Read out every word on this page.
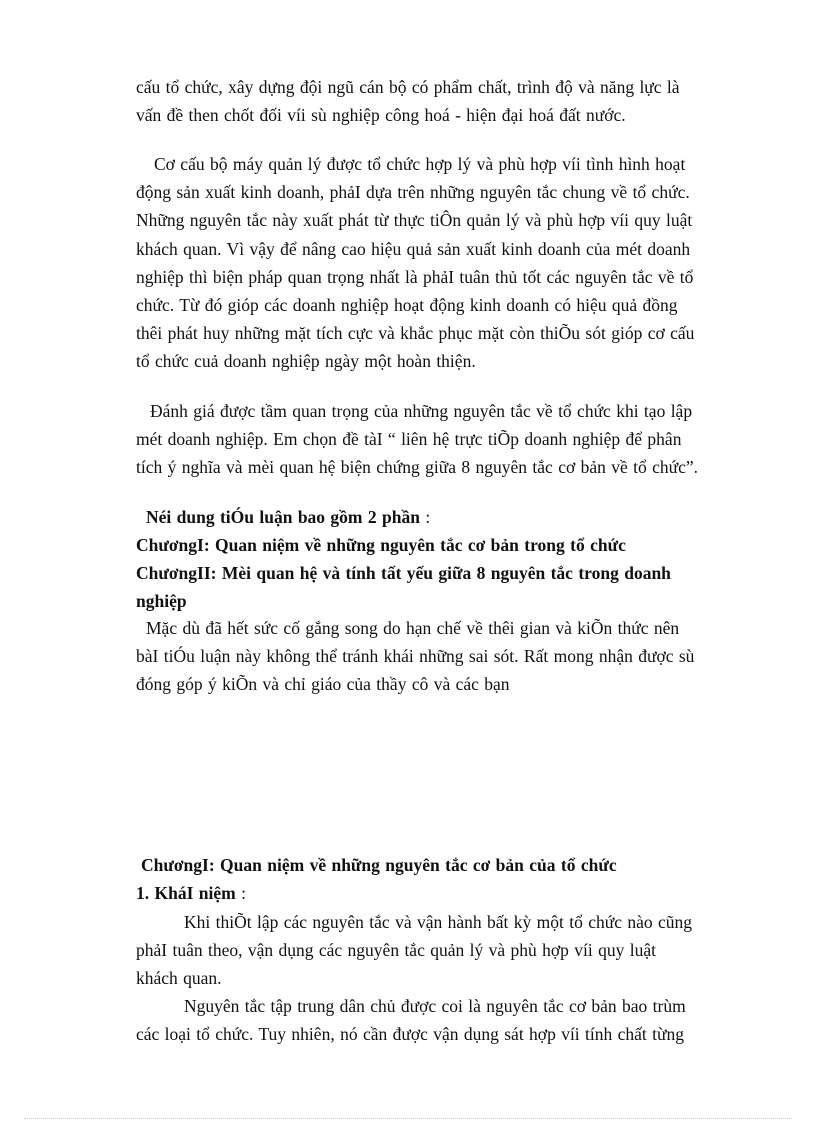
cấu tổ chức, xây dựng đội ngũ cán bộ có phẩm chất, trình độ và năng lực là
vấn đề then chốt đối víi sù nghiệp công hoá - hiện đại hoá đất nước.
Cơ cấu bộ máy quản lý được tổ chức hợp lý và phù hợp víi tình hình hoạt
động sản xuất kinh doanh, phảI dựa trên những nguyên tắc chung về tổ chức.
Những nguyên tắc này xuất phát từ thực tiÔn quản lý và phù hợp víi quy luật
khách quan. Vì vậy để nâng cao hiệu quả sản xuất kinh doanh của mét doanh
nghiệp thì biện pháp quan trọng nhất là phảI tuân thủ tốt các nguyên tắc về tổ
chức. Từ đó gióp các doanh nghiệp hoạt động kinh doanh có hiệu quả đồng
thêi phát huy những mặt tích cực và khắc phục mặt còn thiÕu sót gióp cơ cấu
tổ chức cuả doanh nghiệp ngày một hoàn thiện.
Đánh giá được tầm quan trọng của những nguyên tắc về tổ chức khi tạo lập
mét doanh nghiệp. Em chọn đề tàI “ liên hệ trực tiÕp doanh nghiệp để phân
tích ý nghĩa và mèi quan hệ biện chứng giữa 8 nguyên tắc cơ bản về tổ chức”.
Néi dung tiÓu luận bao gồm 2 phần :
ChươngI: Quan niệm về những nguyên tắc cơ bản trong tổ chức
ChươngII: Mèi quan hệ và tính tất yếu giữa 8 nguyên tắc trong doanh
nghiệp
Mặc dù đã hết sức cố gắng song do hạn chế về thêi gian và kiÕn thức nên
bàI tiÓu luận này không thể tránh khái những sai sót. Rất mong nhận được sù
đóng góp ý kiÕn và chỉ giáo của thầy cô và các bạn
ChươngI: Quan niệm về những nguyên tắc cơ bản của tổ chức
1. KháI niệm :
Khi thiÕt lập các nguyên tắc và vận hành bất kỳ một tổ chức nào cũng
phảI tuân theo, vận dụng các nguyên tắc quản lý và phù hợp víi quy luật
khách quan.
Nguyên tắc tập trung dân chủ được coi là nguyên tắc cơ bản bao trùm
các loại tổ chức. Tuy nhiên, nó cần được vận dụng sát hợp víi tính chất từng
